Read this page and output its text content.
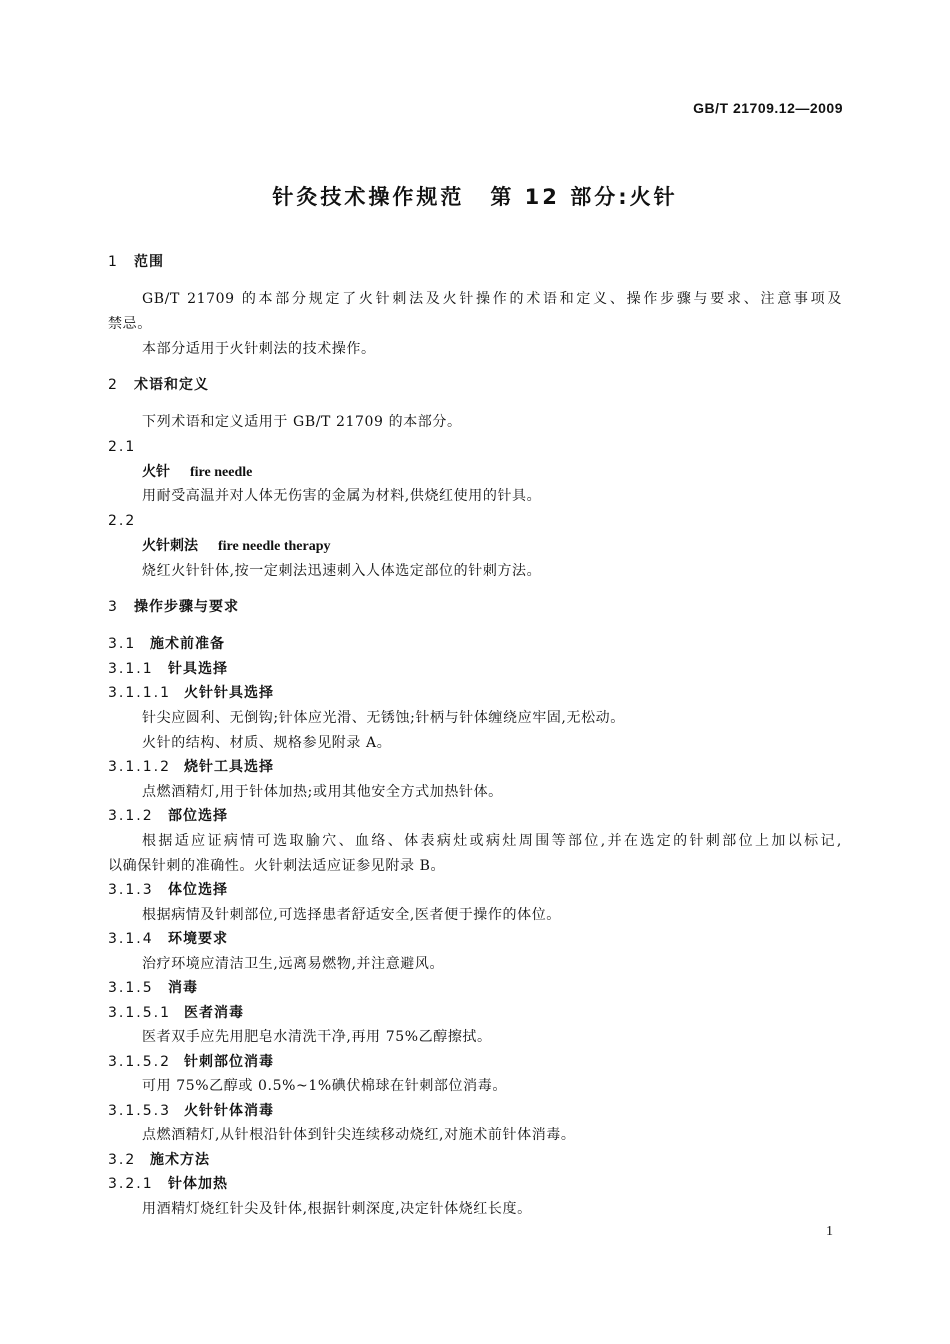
GB/T 21709.12—2009
针灸技术操作规范 第 12 部分:火针
1 范围
GB/T 21709 的本部分规定了火针刺法及火针操作的术语和定义、操作步骤与要求、注意事项及
禁忌。
本部分适用于火针刺法的技术操作。
2 术语和定义
下列术语和定义适用于 GB/T 21709 的本部分。
2.1
火针 fire needle
用耐受高温并对人体无伤害的金属为材料,供烧红使用的针具。
2.2
火针刺法 fire needle therapy
烧红火针针体,按一定刺法迅速刺入人体选定部位的针刺方法。
3 操作步骤与要求
3.1 施术前准备
3.1.1 针具选择
3.1.1.1 火针针具选择
针尖应圆利、无倒钩;针体应光滑、无锈蚀;针柄与针体缠绕应牢固,无松动。
火针的结构、材质、规格参见附录 A。
3.1.1.2 烧针工具选择
点燃酒精灯,用于针体加热;或用其他安全方式加热针体。
3.1.2 部位选择
根据适应证病情可选取腧穴、血络、体表病灶或病灶周围等部位,并在选定的针刺部位上加以标记,
以确保针刺的准确性。火针刺法适应证参见附录 B。
3.1.3 体位选择
根据病情及针刺部位,可选择患者舒适安全,医者便于操作的体位。
3.1.4 环境要求
治疗环境应清洁卫生,远离易燃物,并注意避风。
3.1.5 消毒
3.1.5.1 医者消毒
医者双手应先用肥皂水清洗干净,再用 75%乙醇擦拭。
3.1.5.2 针刺部位消毒
可用 75%乙醇或 0.5%~1%碘伏棉球在针刺部位消毒。
3.1.5.3 火针针体消毒
点燃酒精灯,从针根沿针体到针尖连续移动烧红,对施术前针体消毒。
3.2 施术方法
3.2.1 针体加热
用酒精灯烧红针尖及针体,根据针刺深度,决定针体烧红长度。
1
